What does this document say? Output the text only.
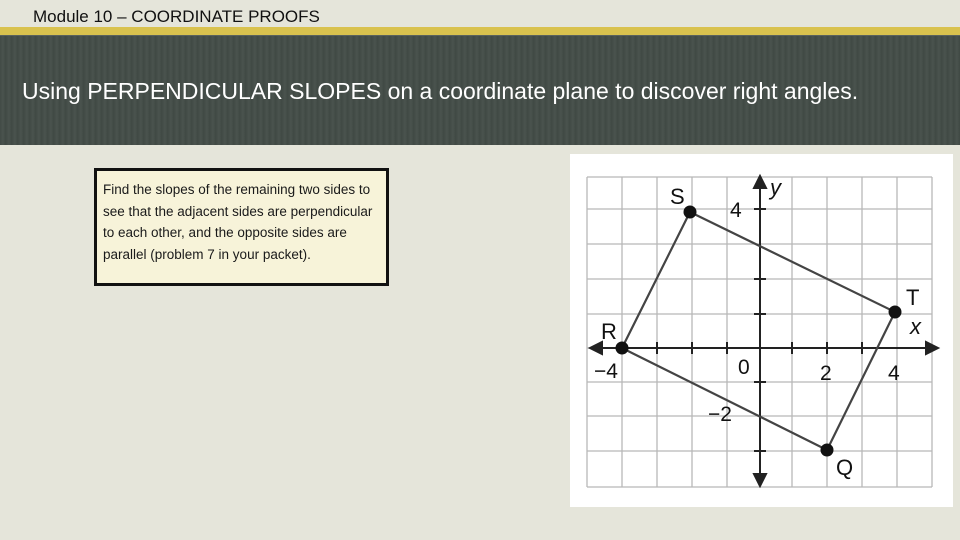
Module 10 – COORDINATE PROOFS
Using PERPENDICULAR SLOPES on a coordinate plane to discover right angles.
Find the slopes of the remaining two sides to see that the adjacent sides are perpendicular to each other, and the opposite sides are parallel (problem 7 in your packet).
S
T
Q
R	x
y
−4	0	2	4
−2
4
